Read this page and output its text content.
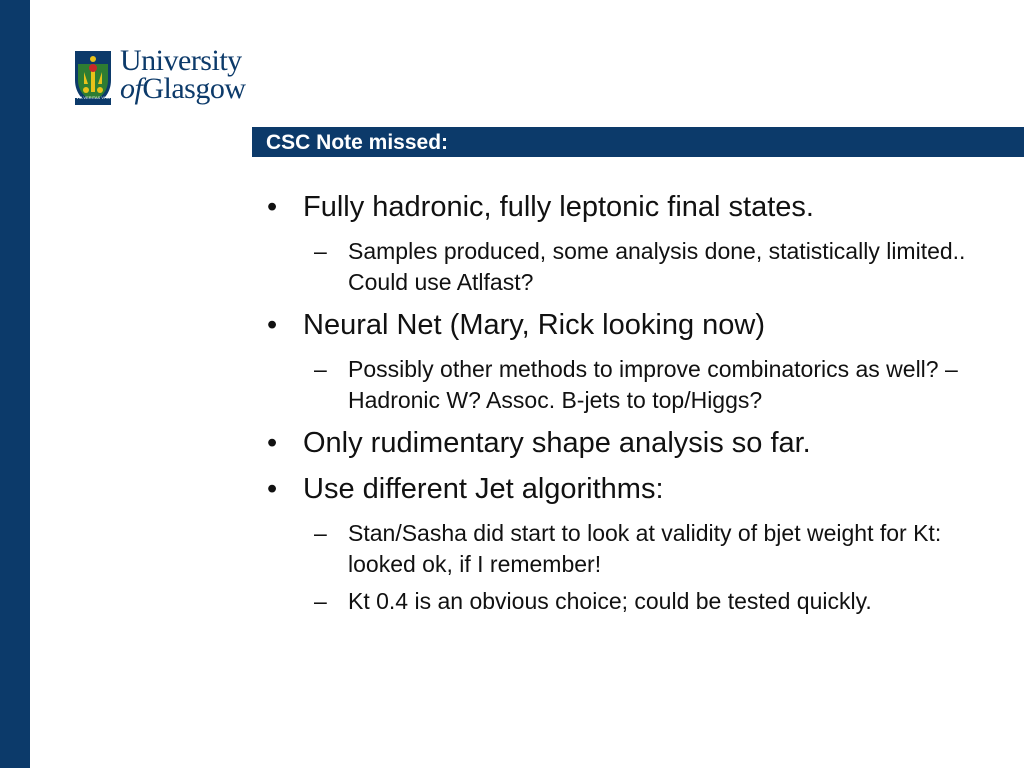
VIA VERITAS VITA
University
ofGlasgow
CSC Note missed:
• Fully hadronic, fully leptonic final states.
– Samples produced, some analysis done, statistically limited.. Could use Atlfast?
• Neural Net (Mary, Rick looking now)
– Possibly other methods to improve combinatorics as well? – Hadronic W? Assoc. B-jets to top/Higgs?
• Only rudimentary shape analysis so far.
• Use different Jet algorithms:
– Stan/Sasha did start to look at validity of bjet weight for Kt: looked ok, if I remember!
– Kt 0.4 is an obvious choice; could be tested quickly.
